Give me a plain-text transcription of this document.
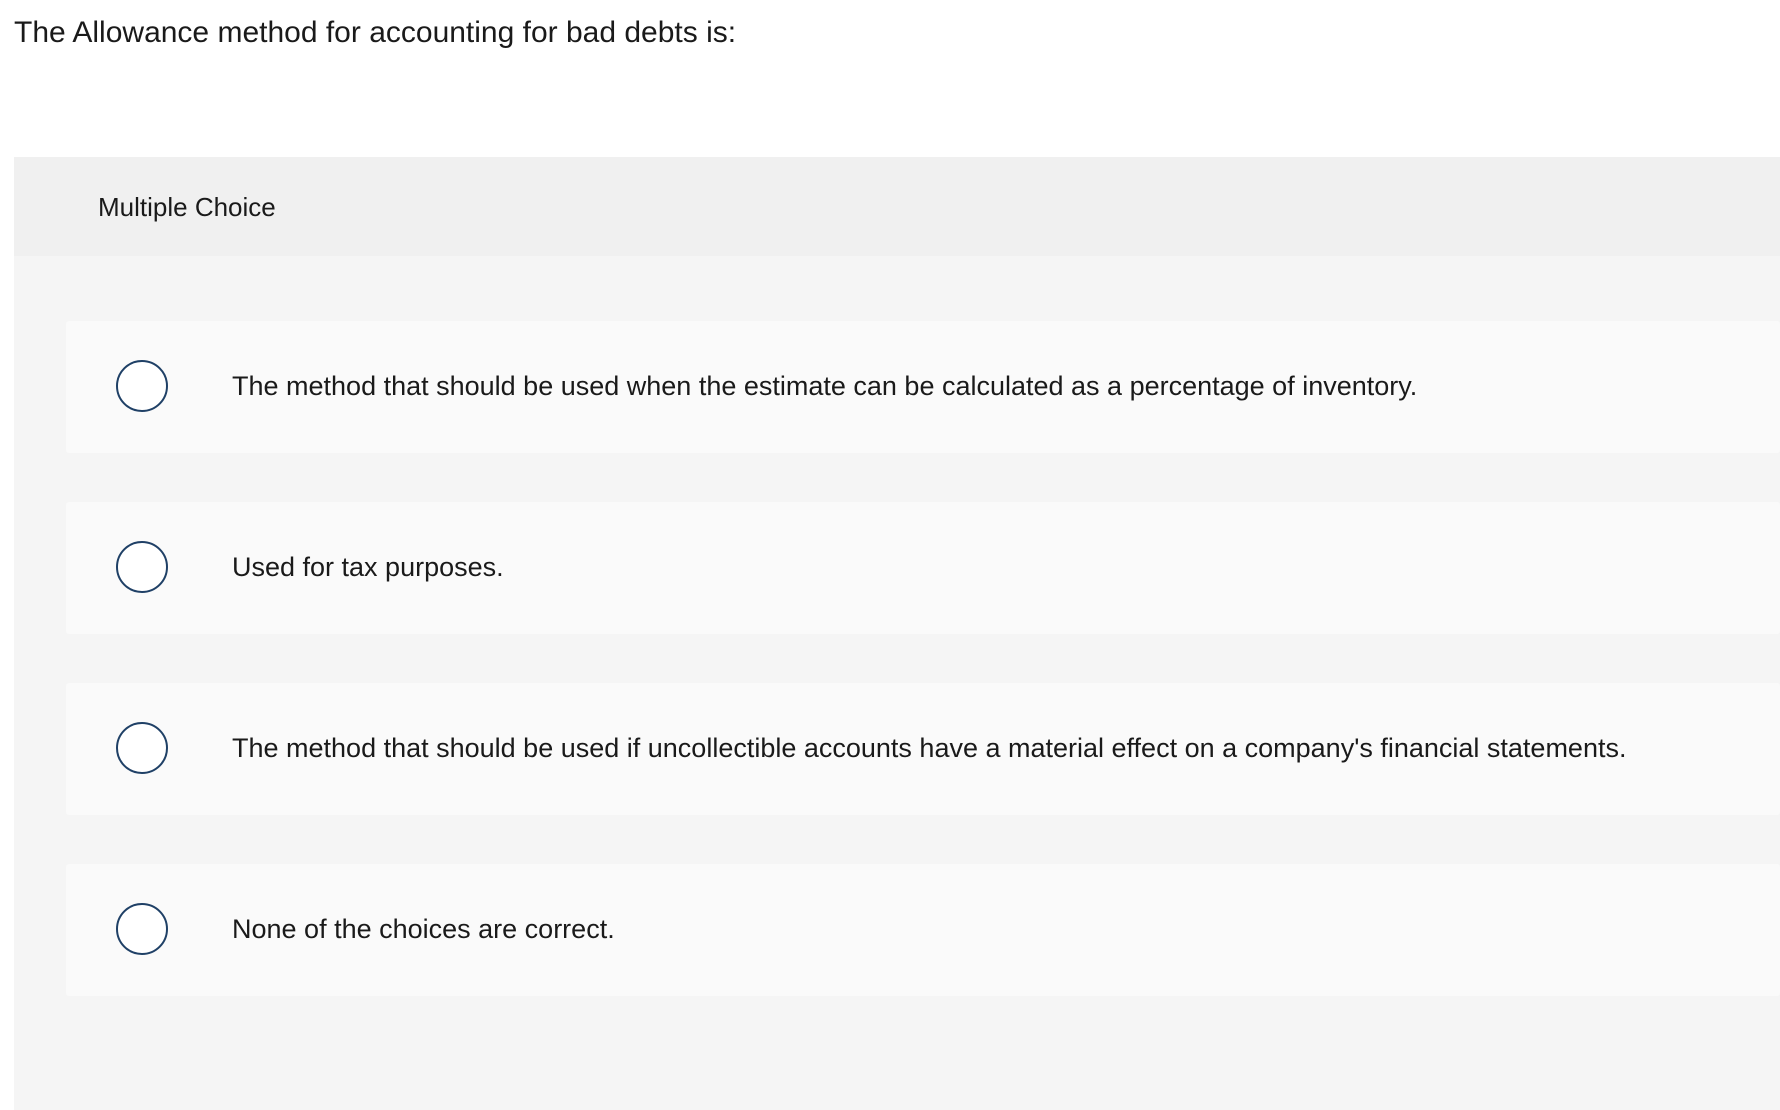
The Allowance method for accounting for bad debts is:
Multiple Choice
The method that should be used when the estimate can be calculated as a percentage of inventory.
Used for tax purposes.
The method that should be used if uncollectible accounts have a material effect on a company's financial statements.
None of the choices are correct.
